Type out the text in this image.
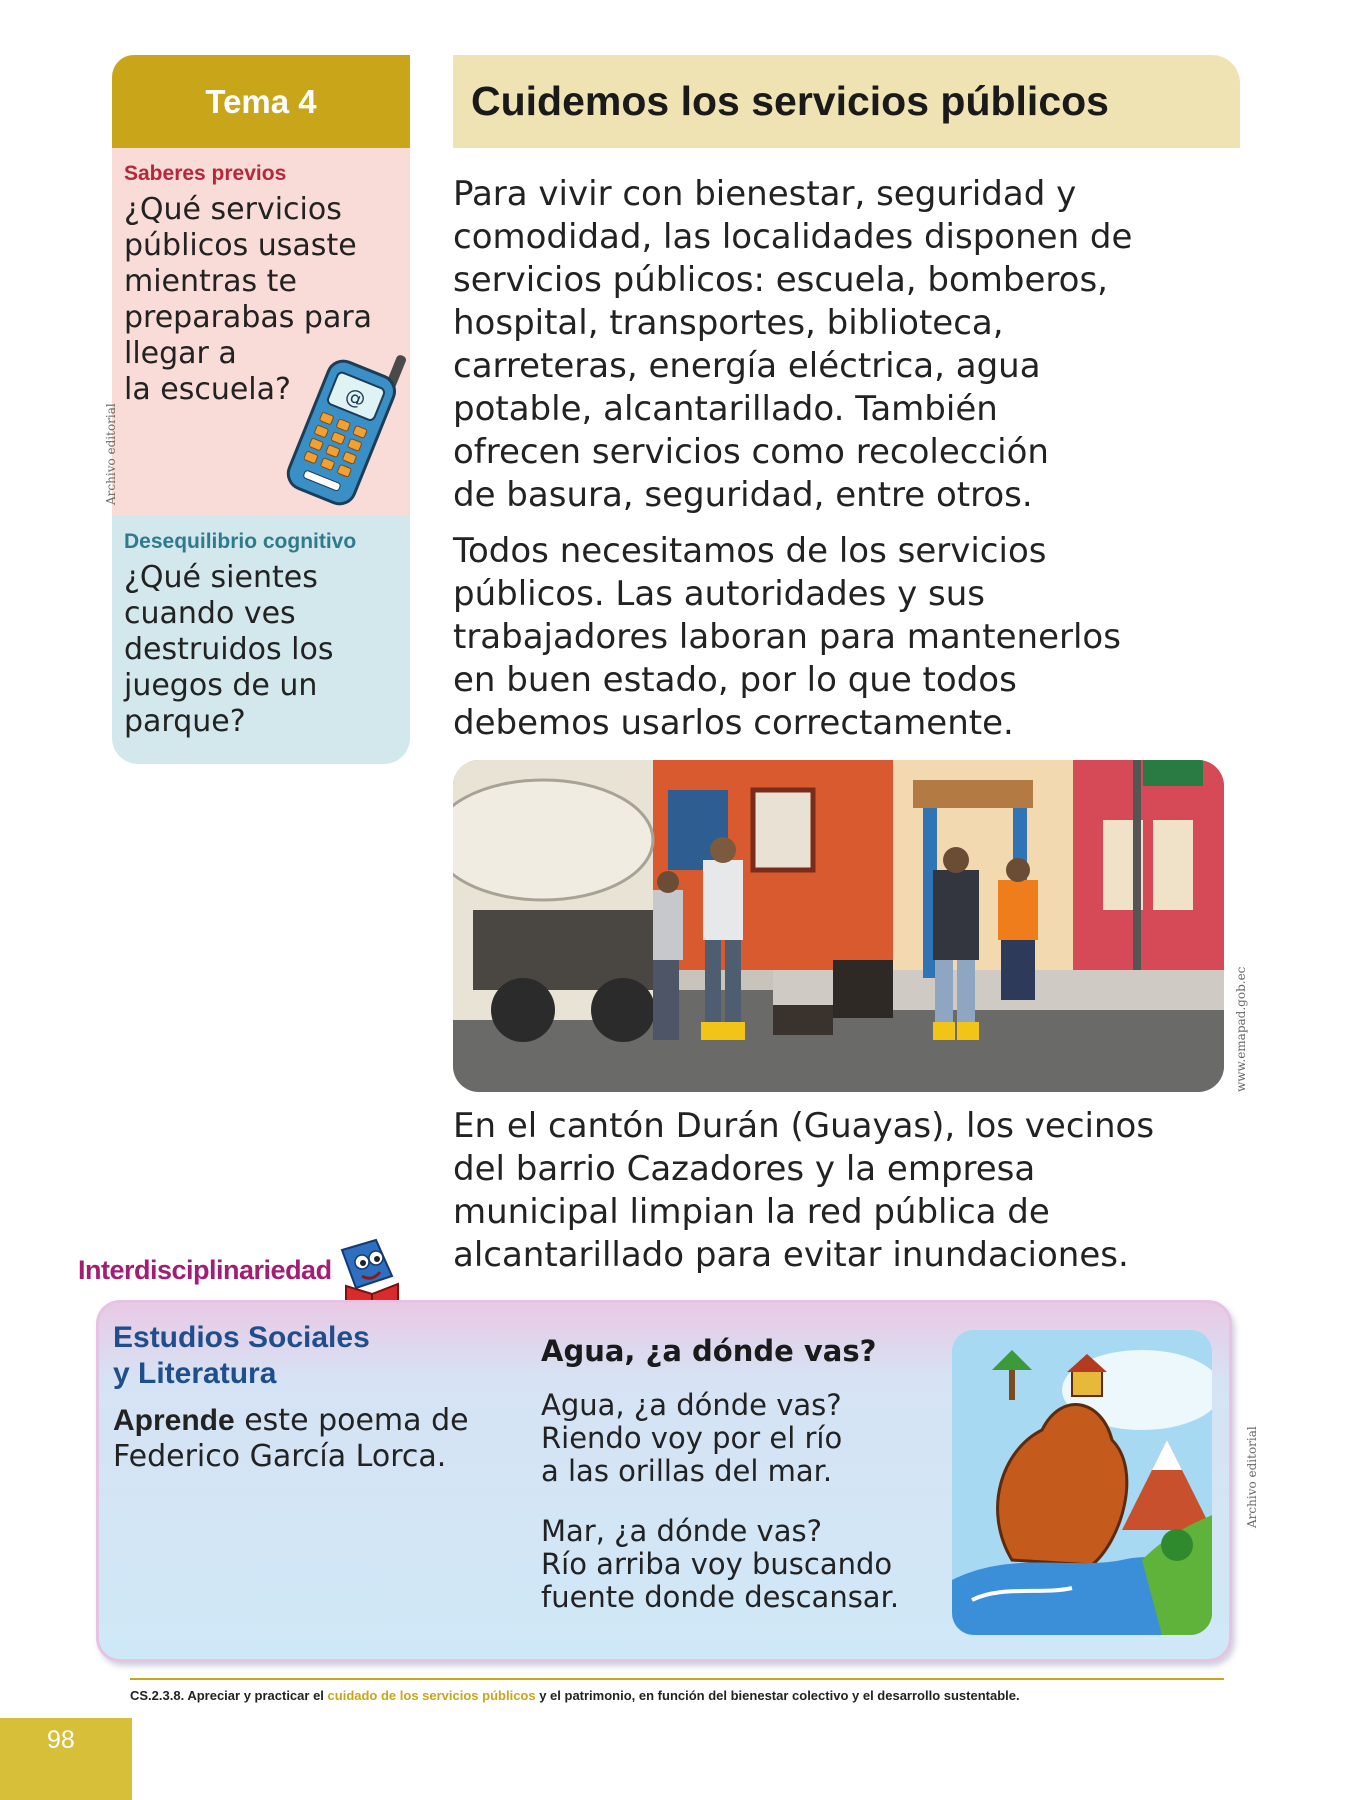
Tema 4	Cuidemos los servicios públicos
Saberes previos
¿Qué servicios
públicos usaste
mientras te
preparabas para
llegar a
la escuela?	@
Archivo editorial
Desequilibrio cognitivo
¿Qué sientes
cuando ves
destruidos los
juegos de un
parque?
Para vivir con bienestar, seguridad y
comodidad, las localidades disponen de
servicios públicos: escuela, bomberos,
hospital, transportes, biblioteca,
carreteras, energía eléctrica, agua
potable, alcantarillado. También
ofrecen servicios como recolección
de basura, seguridad, entre otros.
Todos necesitamos de los servicios
públicos. Las autoridades y sus
trabajadores laboran para mantenerlos
en buen estado, por lo que todos
debemos usarlos correctamente.
www.emapad.gob.ec
En el cantón Durán (Guayas), los vecinos
del barrio Cazadores y la empresa
municipal limpian la red pública de
alcantarillado para evitar inundaciones.
Interdisciplinariedad
Estudios Sociales
y Literatura
Aprende este poema de
Federico García Lorca.
Agua, ¿a dónde vas?
Agua, ¿a dónde vas?
Riendo voy por el río
a las orillas del mar.
Mar, ¿a dónde vas?
Río arriba voy buscando
fuente donde descansar.
Archivo editorial
CS.2.3.8. Apreciar y practicar el cuidado de los servicios públicos y el patrimonio, en función del bienestar colectivo y el desarrollo sustentable.
98
